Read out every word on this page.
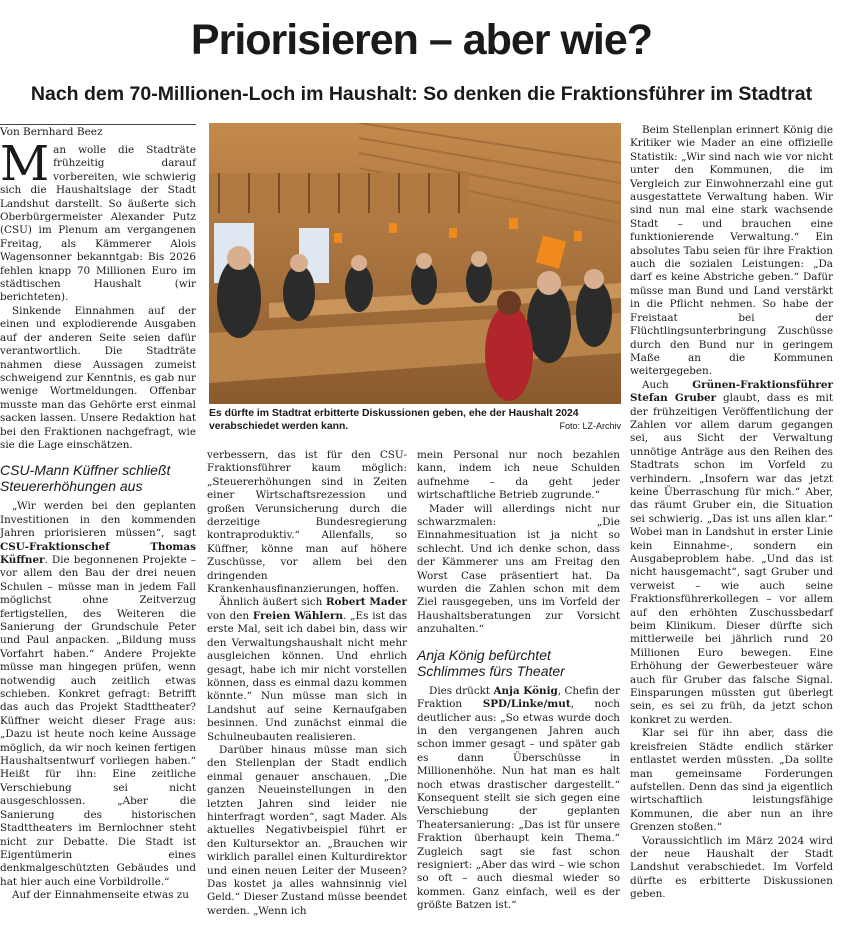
Priorisieren – aber wie?
Nach dem 70-Millionen-Loch im Haushalt: So denken die Fraktionsführer im Stadtrat
Von Bernhard Beez

Man wolle die Stadträte frühzeitig darauf vorbereiten, wie schwierig sich die Haushaltslage der Stadt Landshut darstellt. So äußerte sich Oberbürgermeister Alexander Putz (CSU) im Plenum am vergangenen Freitag, als Kämmerer Alois Wagensonner bekanntgab: Bis 2026 fehlen knapp 70 Millionen Euro im städtischen Haushalt (wir berichteten).

Sinkende Einnahmen auf der einen und explodierende Ausgaben auf der anderen Seite seien dafür verantwortlich. Die Stadträte nahmen diese Aussagen zumeist schweigend zur Kenntnis, es gab nur wenige Wortmeldungen. Offenbar musste man das Gehörte erst einmal sacken lassen. Unsere Redaktion hat bei den Fraktionen nachgefragt, wie sie die Lage einschätzen.

CSU-Mann Küffner schließt Steuererhöhungen aus

„Wir werden bei den geplanten Investitionen in den kommenden Jahren priorisieren müssen“, sagt CSU-Fraktionschef Thomas Küffner. Die begonnenen Projekte – vor allem den Bau der drei neuen Schulen – müsse man in jedem Fall möglichst ohne Zeitverzug fertigstellen, des Weiteren die Sanierung der Grundschule Peter und Paul anpacken. „Bildung muss Vorfahrt haben.“ Andere Projekte müsse man hingegen prüfen, wenn notwendig auch zeitlich etwas schieben. Konkret gefragt: Betrifft das auch das Projekt Stadttheater? Küffner weicht dieser Frage aus: „Dazu ist heute noch keine Aussage möglich, da wir noch keinen fertigen Haushaltsentwurf vorliegen haben.“ Heißt für ihn: Eine zeitliche Verschiebung sei nicht ausgeschlossen. „Aber die Sanierung des historischen Stadttheaters im Bernlochner steht nicht zur Debatte. Die Stadt ist Eigentümerin eines denkmalgeschützten Gebäudes und hat hier auch eine Vorbildrolle.“

Auf der Einnahmenseite etwas zu

Es dürfte im Stadtrat erbitterte Diskussionen geben, ehe der Haushalt 2024 verabschiedet werden kann.	Foto: LZ-Archiv

verbessern, das ist für den CSU-Fraktionsführer kaum möglich: „Steuererhöhungen sind in Zeiten einer Wirtschaftsrezession und großen Verunsicherung durch die derzeitige Bundesregierung kontraproduktiv.“ Allenfalls, so Küffner, könne man auf höhere Zuschüsse, vor allem bei den dringenden Krankenhausfinanzierungen, hoffen.

Ähnlich äußert sich Robert Mader von den Freien Wählern. „Es ist das erste Mal, seit ich dabei bin, dass wir den Verwaltungshaushalt nicht mehr ausgleichen können. Und ehrlich gesagt, habe ich mir nicht vorstellen können, dass es einmal dazu kommen könnte.“ Nun müsse man sich in Landshut auf seine Kernaufgaben besinnen. Und zunächst einmal die Schulneubauten realisieren.

Darüber hinaus müsse man sich den Stellenplan der Stadt endlich einmal genauer anschauen. „Die ganzen Neueinstellungen in den letzten Jahren sind leider nie hinterfragt worden“, sagt Mader. Als aktuelles Negativbeispiel führt er den Kultursektor an. „Brauchen wir wirklich parallel einen Kulturdirektor und einen neuen Leiter der Museen? Das kostet ja alles wahnsinnig viel Geld.“ Dieser Zustand müsse beendet werden. „Wenn ich

mein Personal nur noch bezahlen kann, indem ich neue Schulden aufnehme – da geht jeder wirtschaftliche Betrieb zugrunde.“

Mader will allerdings nicht nur schwarzmalen: „Die Einnahmesituation ist ja nicht so schlecht. Und ich denke schon, dass der Kämmerer uns am Freitag den Worst Case präsentiert hat. Da wurden die Zahlen schon mit dem Ziel rausgegeben, uns im Vorfeld der Haushaltsberatungen zur Vorsicht anzuhalten.“

Anja König befürchtet Schlimmes fürs Theater

Dies drückt Anja König, Chefin der Fraktion SPD/Linke/mut, noch deutlicher aus: „So etwas wurde doch in den vergangenen Jahren auch schon immer gesagt – und später gab es dann Überschüsse in Millionenhöhe. Nun hat man es halt noch etwas drastischer dargestellt.“ Konsequent stellt sie sich gegen eine Verschiebung der geplanten Theatersanierung: „Das ist für unsere Fraktion überhaupt kein Thema.“ Zugleich sagt sie fast schon resigniert: „Aber das wird – wie schon so oft – auch diesmal wieder so kommen. Ganz einfach, weil es der größte Batzen ist.“

Beim Stellenplan erinnert König die Kritiker wie Mader an eine offizielle Statistik: „Wir sind nach wie vor nicht unter den Kommunen, die im Vergleich zur Einwohnerzahl eine gut ausgestattete Verwaltung haben. Wir sind nun mal eine stark wachsende Stadt – und brauchen eine funktionierende Verwaltung.“ Ein absolutes Tabu seien für ihre Fraktion auch die sozialen Leistungen: „Da darf es keine Abstriche geben.“ Dafür müsse man Bund und Land verstärkt in die Pflicht nehmen. So habe der Freistaat bei der Flüchtlingsunterbringung Zuschüsse durch den Bund nur in geringem Maße an die Kommunen weitergegeben.

Auch Grünen-Fraktionsführer Stefan Gruber glaubt, dass es mit der frühzeitigen Veröffentlichung der Zahlen vor allem darum gegangen sei, aus Sicht der Verwaltung unnötige Anträge aus den Reihen des Stadtrats schon im Vorfeld zu verhindern. „Insofern war das jetzt keine Überraschung für mich.“ Aber, das räumt Gruber ein, die Situation sei schwierig. „Das ist uns allen klar.“ Wobei man in Landshut in erster Linie kein Einnahme-, sondern ein Ausgabeproblem habe. „Und das ist nicht hausgemacht“, sagt Gruber und verweist – wie auch seine Fraktionsführerkollegen – vor allem auf den erhöhten Zuschussbedarf beim Klinikum. Dieser dürfte sich mittlerweile bei jährlich rund 20 Millionen Euro bewegen. Eine Erhöhung der Gewerbesteuer wäre auch für Gruber das falsche Signal. Einsparungen müssten gut überlegt sein, es sei zu früh, da jetzt schon konkret zu werden.

Klar sei für ihn aber, dass die kreisfreien Städte endlich stärker entlastet werden müssten. „Da sollte man gemeinsame Forderungen aufstellen. Denn das sind ja eigentlich wirtschaftlich leistungsfähige Kommunen, die aber nun an ihre Grenzen stoßen.“

Voraussichtlich im März 2024 wird der neue Haushalt der Stadt Landshut verabschiedet. Im Vorfeld dürfte es erbitterte Diskussionen geben.
